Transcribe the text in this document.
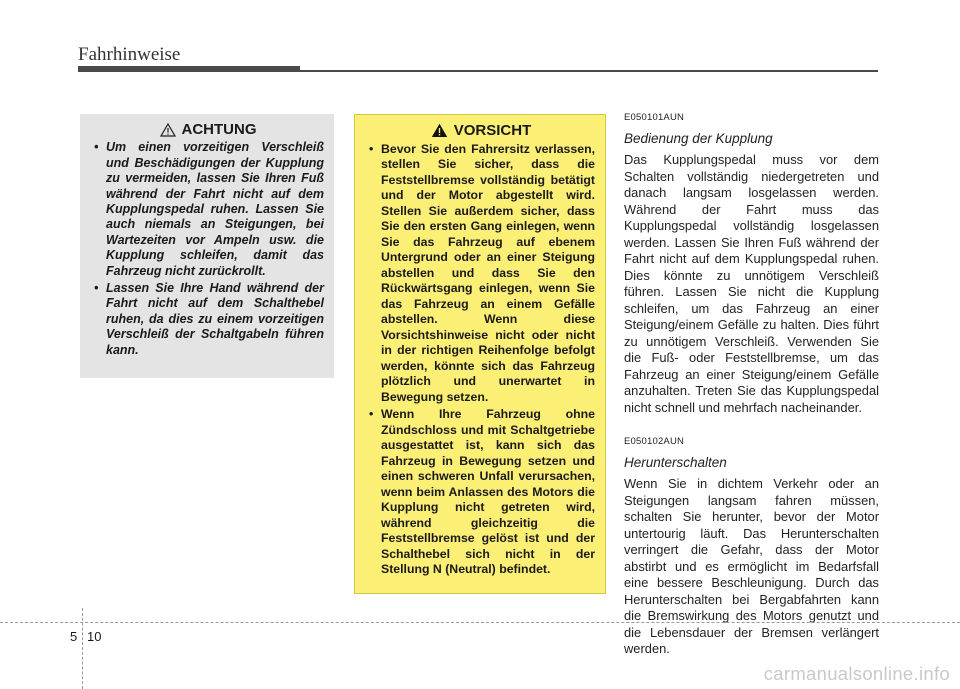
Fahrhinweise
ACHTUNG
• Um einen vorzeitigen Verschleiß und Beschädigungen der Kupplung zu vermeiden, lassen Sie Ihren Fuß während der Fahrt nicht auf dem Kupplungspedal ruhen. Lassen Sie auch niemals an Steigungen, bei Wartezeiten vor Ampeln usw. die Kupplung schleifen, damit das Fahrzeug nicht zurückrollt.
• Lassen Sie Ihre Hand während der Fahrt nicht auf dem Schalthebel ruhen, da dies zu einem vorzeitigen Verschleiß der Schaltgabeln führen kann.
VORSICHT
• Bevor Sie den Fahrersitz verlassen, stellen Sie sicher, dass die Feststellbremse vollständig betätigt und der Motor abgestellt wird. Stellen Sie außerdem sicher, dass Sie den ersten Gang einlegen, wenn Sie das Fahrzeug auf ebenem Untergrund oder an einer Steigung abstellen und dass Sie den Rückwärtsgang einlegen, wenn Sie das Fahrzeug an einem Gefälle abstellen. Wenn diese Vorsichtshinweise nicht oder nicht in der richtigen Reihenfolge befolgt werden, könnte sich das Fahrzeug plötzlich und unerwartet in Bewegung setzen.
• Wenn Ihre Fahrzeug ohne Zündschloss und mit Schaltgetriebe ausgestattet ist, kann sich das Fahrzeug in Bewegung setzen und einen schweren Unfall verursachen, wenn beim Anlassen des Motors die Kupplung nicht getreten wird, während gleichzeitig die Feststellbremse gelöst ist und der Schalthebel sich nicht in der Stellung N (Neutral) befindet.
E050101AUN
Bedienung der Kupplung

Das Kupplungspedal muss vor dem Schalten vollständig niedergetreten und danach langsam losgelassen werden. Während der Fahrt muss das Kupplungspedal vollständig losgelassen werden. Lassen Sie Ihren Fuß während der Fahrt nicht auf dem Kupplungspedal ruhen. Dies könnte zu unnötigem Verschleiß führen. Lassen Sie nicht die Kupplung schleifen, um das Fahrzeug an einer Steigung/einem Gefälle zu halten. Dies führt zu unnötigem Verschleiß. Verwenden Sie die Fuß- oder Feststellbremse, um das Fahrzeug an einer Steigung/einem Gefälle anzuhalten. Treten Sie das Kupplungspedal nicht schnell und mehrfach nacheinander.

E050102AUN
Herunterschalten

Wenn Sie in dichtem Verkehr oder an Steigungen langsam fahren müssen, schalten Sie herunter, bevor der Motor untertourig läuft. Das Herunterschalten verringert die Gefahr, dass der Motor abstirbt und es ermöglicht im Bedarfsfall eine bessere Beschleunigung. Durch das Herunterschalten bei Bergabfahrten kann die Bremswirkung des Motors genutzt und die Lebensdauer der Bremsen verlängert werden.

5 10
carmanualsonline.info
